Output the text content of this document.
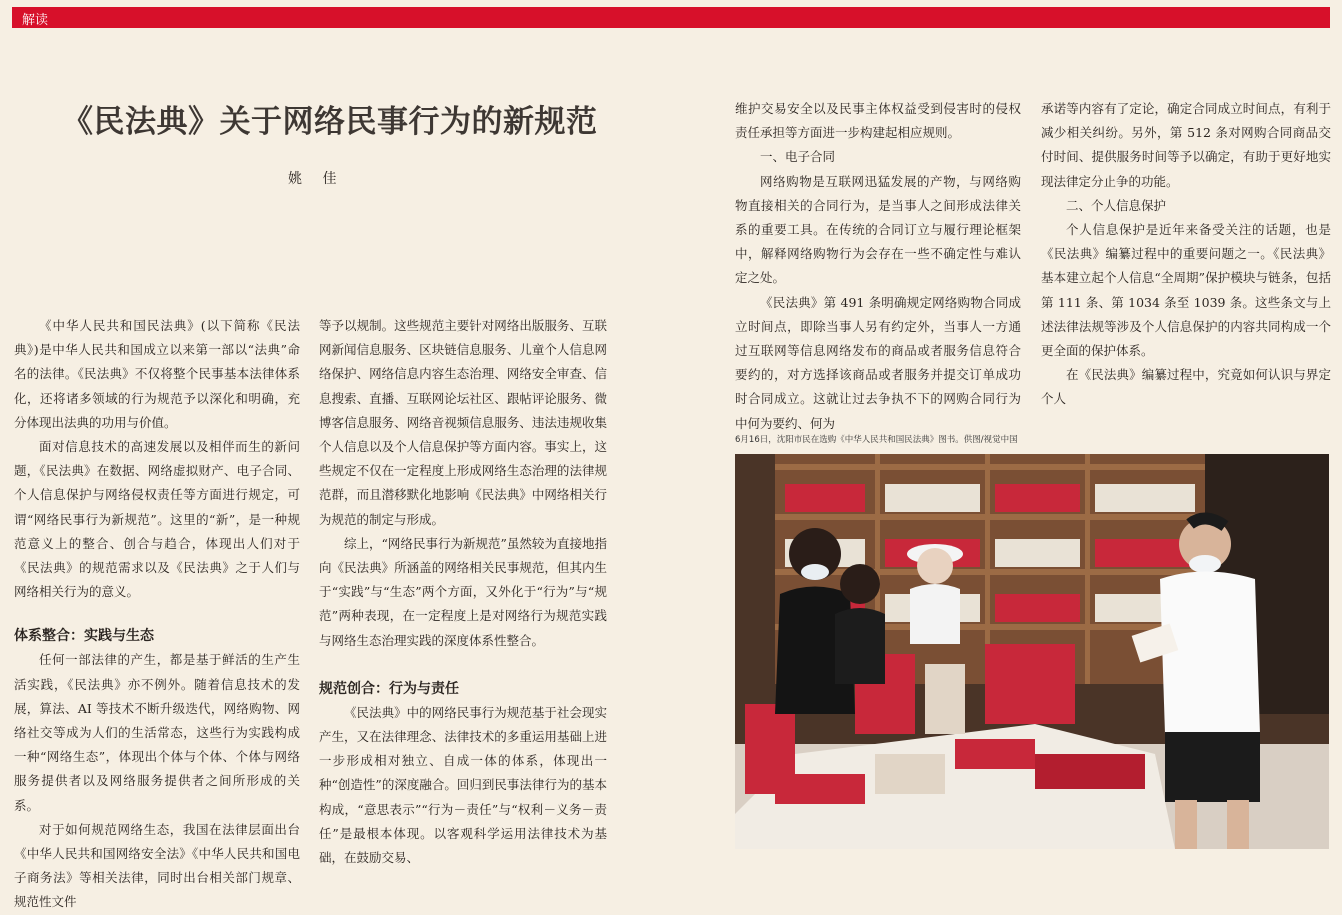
解读
《民法典》关于网络民事行为的新规范
姚 佳

《中华人民共和国民法典》(以下简称《民法典》)是中华人民共和国成立以来第一部以“法典”命名的法律。《民法典》不仅将整个民事基本法律体系化，还将诸多领域的行为规范予以深化和明确，充分体现出法典的功用与价值。

面对信息技术的高速发展以及相伴而生的新问题，《民法典》在数据、网络虚拟财产、电子合同、个人信息保护与网络侵权责任等方面进行规定，可谓“网络民事行为新规范”。这里的“新”，是一种规范意义上的整合、创合与趋合，体现出人们对于《民法典》的规范需求以及《民法典》之于人们与网络相关行为的意义。

体系整合：实践与生态

任何一部法律的产生，都是基于鲜活的生产生活实践，《民法典》亦不例外。随着信息技术的发展，算法、AI 等技术不断升级迭代，网络购物、网络社交等成为人们的生活常态，这些行为实践构成一种“网络生态”，体现出个体与个体、个体与网络服务提供者以及网络服务提供者之间所形成的关系。

对于如何规范网络生态，我国在法律层面出台《中华人民共和国网络安全法》《中华人民共和国电子商务法》等相关法律，同时出台相关部门规章、规范性文件

等予以规制。这些规范主要针对网络出版服务、互联网新闻信息服务、区块链信息服务、儿童个人信息网络保护、网络信息内容生态治理、网络安全审查、信息搜索、直播、互联网论坛社区、跟帖评论服务、微博客信息服务、网络音视频信息服务、违法违规收集个人信息以及个人信息保护等方面内容。事实上，这些规定不仅在一定程度上形成网络生态治理的法律规范群，而且潜移默化地影响《民法典》中网络相关行为规范的制定与形成。

综上，“网络民事行为新规范”虽然较为直接地指向《民法典》所涵盖的网络相关民事规范，但其内生于“实践”与“生态”两个方面，又外化于“行为”与“规范”两种表现，在一定程度上是对网络行为规范实践与网络生态治理实践的深度体系性整合。

规范创合：行为与责任

《民法典》中的网络民事行为规范基于社会现实产生，又在法律理念、法律技术的多重运用基础上进一步形成相对独立、自成一体的体系，体现出一种“创造性”的深度融合。回归到民事法律行为的基本构成，“意思表示”“行为－责任”与“权利－义务－责任”是最根本体现。以客观科学运用法律技术为基础，在鼓励交易、

维护交易安全以及民事主体权益受到侵害时的侵权责任承担等方面进一步构建起相应规则。

一、电子合同

网络购物是互联网迅猛发展的产物，与网络购物直接相关的合同行为，是当事人之间形成法律关系的重要工具。在传统的合同订立与履行理论框架中，解释网络购物行为会存在一些不确定性与难认定之处。

《民法典》第 491 条明确规定网络购物合同成立时间点，即除当事人另有约定外，当事人一方通过互联网等信息网络发布的商品或者服务信息符合要约的，对方选择该商品或者服务并提交订单成功时合同成立。这就让过去争执不下的网购合同行为中何为要约、何为

承诺等内容有了定论，确定合同成立时间点，有利于减少相关纠纷。另外，第 512 条对网购合同商品交付时间、提供服务时间等予以确定，有助于更好地实现法律定分止争的功能。

二、个人信息保护

个人信息保护是近年来备受关注的话题，也是《民法典》编纂过程中的重要问题之一。《民法典》基本建立起个人信息“全周期”保护模块与链条，包括第 111 条、第 1034 条至 1039 条。这些条文与上述法律法规等涉及个人信息保护的内容共同构成一个更全面的保护体系。

在《民法典》编纂过程中，究竟如何认识与界定个人

6月16日，沈阳市民在选购《中华人民共和国民法典》图书。供图/视觉中国
